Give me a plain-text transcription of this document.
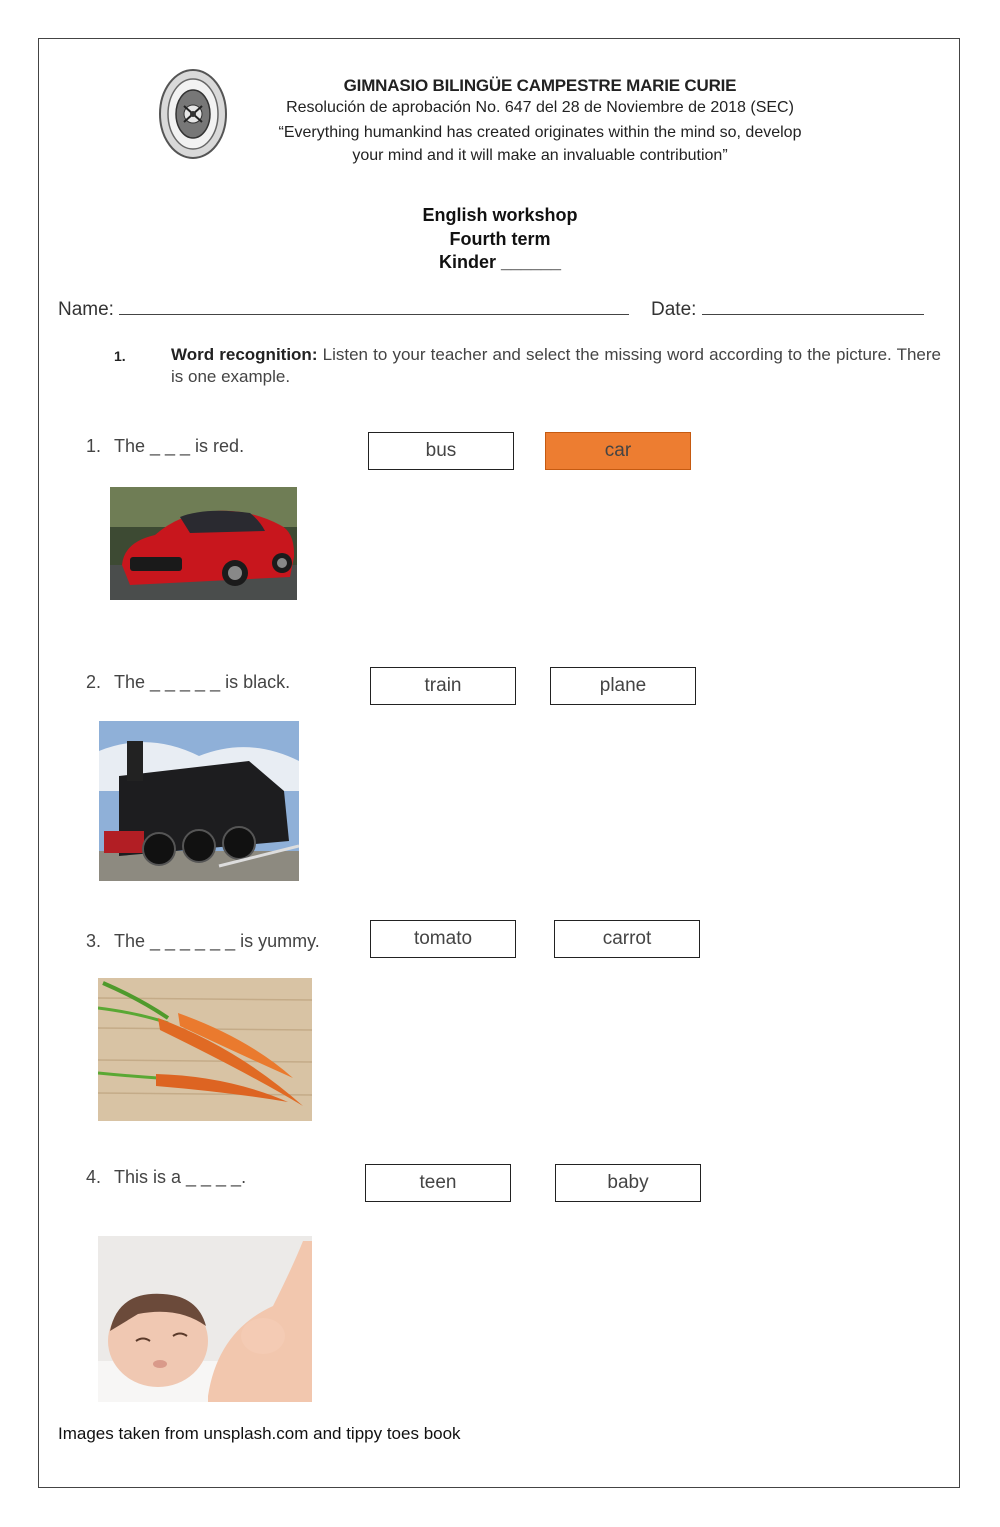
GIMNASIO BILINGÜE CAMPESTRE MARIE CURIE
Resolución de aprobación No. 647 del 28 de Noviembre de 2018 (SEC)
“Everything humankind has created originates within the mind so, develop
your mind and it will make an invaluable contribution”
English workshop
Fourth term
Kinder ______
Name:	Date:
1.	Word recognition: Listen to your teacher and select the missing word according to the picture. There is one example.
1. The _ _ _ is red.	bus	car
2. The _ _ _ _ _ is black.	train	plane
3. The _ _ _ _ _ _ is yummy.	tomato	carrot
4. This is a _ _ _ _.	teen	baby
Images taken from unsplash.com and tippy toes book
